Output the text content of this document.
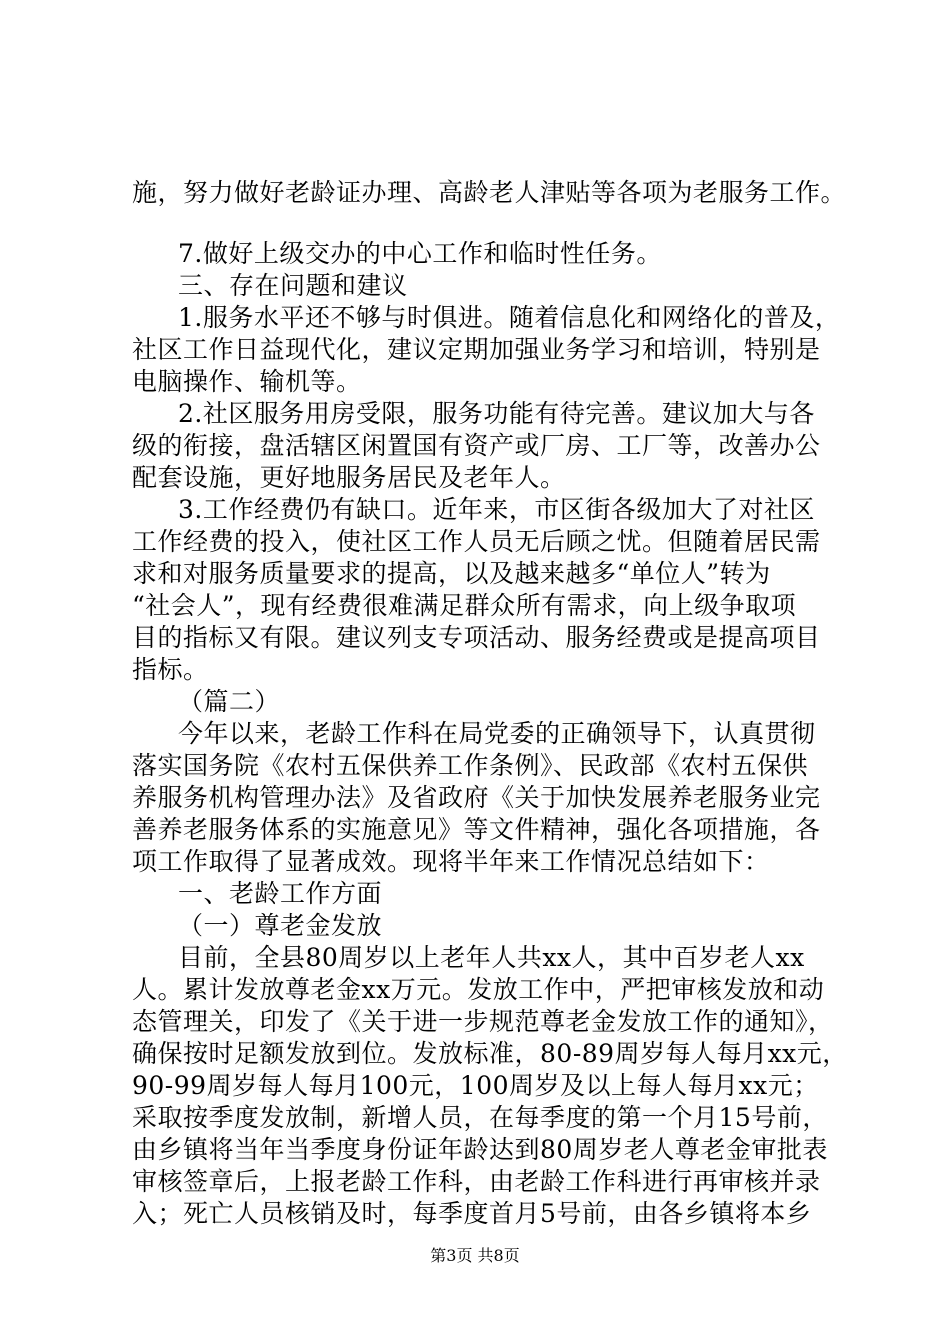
施，努力做好老龄证办理、高龄老人津贴等各项为老服务工作。
7.做好上级交办的中心工作和临时性任务。
三、存在问题和建议
1.服务水平还不够与时俱进。随着信息化和网络化的普及，
社区工作日益现代化，建议定期加强业务学习和培训，特别是
电脑操作、输机等。
2.社区服务用房受限，服务功能有待完善。建议加大与各
级的衔接，盘活辖区闲置国有资产或厂房、工厂等，改善办公
配套设施，更好地服务居民及老年人。
3.工作经费仍有缺口。近年来，市区街各级加大了对社区
工作经费的投入，使社区工作人员无后顾之忧。但随着居民需
求和对服务质量要求的提高，以及越来越多“单位人”转为
“社会人”，现有经费很难满足群众所有需求，向上级争取项
目的指标又有限。建议列支专项活动、服务经费或是提高项目
指标。
（篇二）
今年以来，老龄工作科在局党委的正确领导下，认真贯彻
落实国务院《农村五保供养工作条例》、民政部《农村五保供
养服务机构管理办法》及省政府《关于加快发展养老服务业完
善养老服务体系的实施意见》等文件精神，强化各项措施，各
项工作取得了显著成效。现将半年来工作情况总结如下：
一、老龄工作方面
（一）尊老金发放
目前，全县80周岁以上老年人共xx人，其中百岁老人xx
人。累计发放尊老金xx万元。发放工作中，严把审核发放和动
态管理关，印发了《关于进一步规范尊老金发放工作的通知》，
确保按时足额发放到位。发放标准，80-89周岁每人每月xx元，
90-99周岁每人每月100元，100周岁及以上每人每月xx元；
采取按季度发放制，新增人员，在每季度的第一个月15号前，
由乡镇将当年当季度身份证年龄达到80周岁老人尊老金审批表
审核签章后，上报老龄工作科，由老龄工作科进行再审核并录
入；死亡人员核销及时，每季度首月5号前，由各乡镇将本乡
第3页 共8页
